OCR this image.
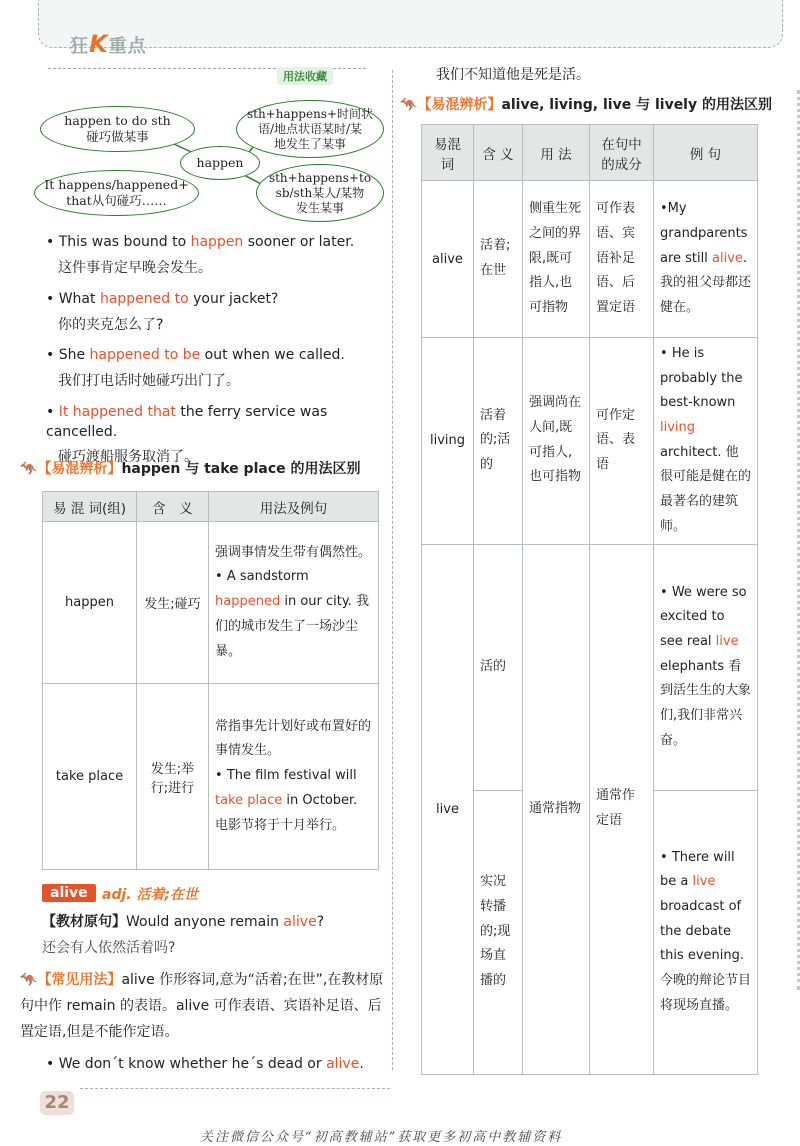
狂K重点
用法收藏
happen to do sth
碰巧做某事
sth+happens+时间状
语/地点状语某时/某
地发生了某事
happen
It happens/happened+
that从句碰巧……
sth+happens+to
sb/sth某人/某物
发生某事
• This was bound to happen sooner or later.
这件事肯定早晚会发生。
• What happened to your jacket?
你的夹克怎么了?
• She happened to be out when we called.
我们打电话时她碰巧出门了。
• It happened that the ferry service was cancelled.
碰巧渡船服务取消了。
🦘【易混辨析】happen 与 take place 的用法区别
易 混 词(组)	含　义	用法及例句
happen	发生;碰巧	强调事情发生带有偶然性。
• A sandstorm happened in our city. 我们的城市发生了一场沙尘暴。

take place	发生;举行;进行	常指事先计划好或布置好的事情发生。
• The film festival will take place in October. 电影节将于十月举行。
alive	adj. 活着;在世
【教材原句】Would anyone remain alive?
还会有人依然活着吗?
🦘【常见用法】alive 作形容词,意为“活着;在世”,在教材原句中作 remain 的表语。alive 可作表语、宾语补足语、后置定语,但是不能作定语。
• We don´t know whether he´s dead or alive.
我们不知道他是死是活。
🦘【易混辨析】alive, living, live 与 lively 的用法区别
易混词	含 义	用 法	在句中的成分	例 句
alive	活着;在世	侧重生死之间的界限,既可指人,也可指物	可作表语、宾语补足语、后置定语	•My grandparents are still alive. 我的祖父母都还健在。
living	活着的;活的	强调尚在人间,既可指人,也可指物	可作定语、表语	• He is probably the best-known living architect. 他很可能是健在的最著名的建筑师。
live	活的	通常指物	通常作定语	• We were so excited to see real live elephants 看到活生生的大象们,我们非常兴奋。
	实况转播的;现场直播的			• There will be a live broadcast of the debate this evening. 今晚的辩论节目将现场直播。
22
关注微信公众号“初高教辅站”获取更多初高中教辅资料
